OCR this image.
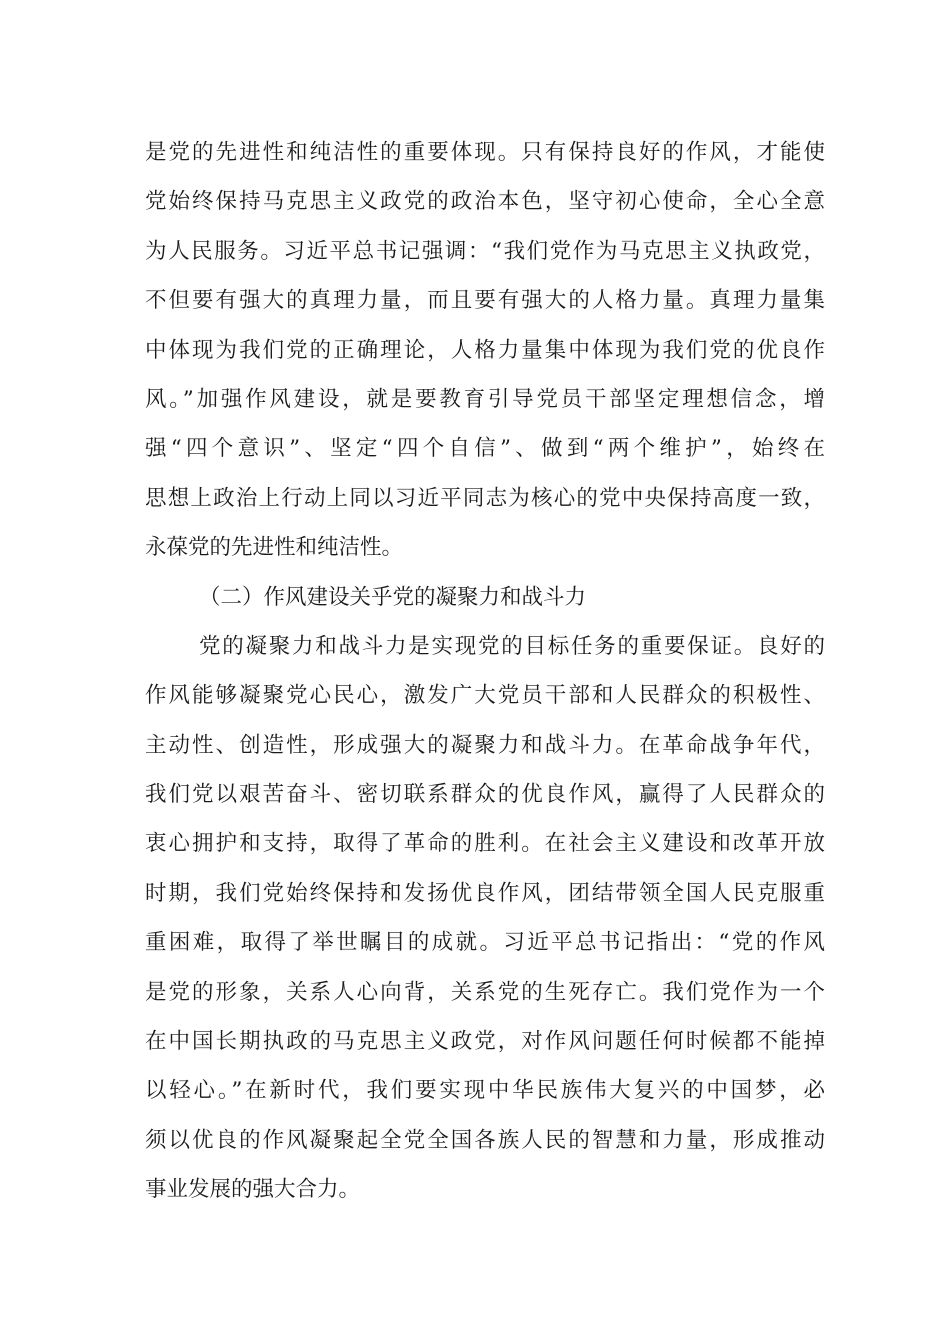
是党的先进性和纯洁性的重要体现。只有保持良好的作风，才能使
党始终保持马克思主义政党的政治本色，坚守初心使命，全心全意
为人民服务。习近平总书记强调：“我们党作为马克思主义执政党，
不但要有强大的真理力量，而且要有强大的人格力量。真理力量集
中体现为我们党的正确理论，人格力量集中体现为我们党的优良作
风。”加强作风建设，就是要教育引导党员干部坚定理想信念，增
强“四个意识”、坚定“四个自信”、做到“两个维护”，始终在
思想上政治上行动上同以习近平同志为核心的党中央保持高度一致，
永葆党的先进性和纯洁性。
（二）作风建设关乎党的凝聚力和战斗力
党的凝聚力和战斗力是实现党的目标任务的重要保证。良好的
作风能够凝聚党心民心，激发广大党员干部和人民群众的积极性、
主动性、创造性，形成强大的凝聚力和战斗力。在革命战争年代，
我们党以艰苦奋斗、密切联系群众的优良作风，赢得了人民群众的
衷心拥护和支持，取得了革命的胜利。在社会主义建设和改革开放
时期，我们党始终保持和发扬优良作风，团结带领全国人民克服重
重困难，取得了举世瞩目的成就。习近平总书记指出：“党的作风
是党的形象，关系人心向背，关系党的生死存亡。我们党作为一个
在中国长期执政的马克思主义政党，对作风问题任何时候都不能掉
以轻心。”在新时代，我们要实现中华民族伟大复兴的中国梦，必
须以优良的作风凝聚起全党全国各族人民的智慧和力量，形成推动
事业发展的强大合力。
